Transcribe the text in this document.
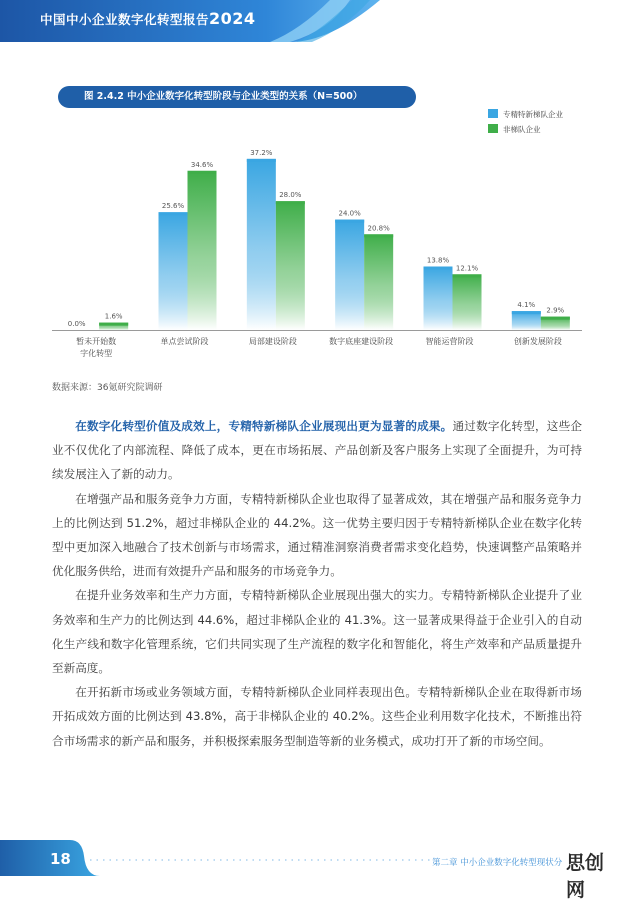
中国中小企业数字化转型报告2024
图 2.4.2 中小企业数字化转型阶段与企业类型的关系（N=500）
0.0%
1.6%
暂未开始数
字化转型
25.6%
34.6%
单点尝试阶段
37.2%
28.0%
局部建设阶段
24.0%
20.8%
数字底座建设阶段
13.8%
12.1%
智能运营阶段
4.1%
2.9%
创新发展阶段
专精特新梯队企业
非梯队企业
数据来源：36氪研究院调研

在数字化转型价值及成效上，专精特新梯队企业展现出更为显著的成果。通过数字化转型，这些企业不仅优化了内部流程、降低了成本，更在市场拓展、产品创新及客户服务上实现了全面提升，为可持续发展注入了新的动力。

在增强产品和服务竞争力方面，专精特新梯队企业也取得了显著成效，其在增强产品和服务竞争力上的比例达到 51.2%，超过非梯队企业的 44.2%。这一优势主要归因于专精特新梯队企业在数字化转型中更加深入地融合了技术创新与市场需求，通过精准洞察消费者需求变化趋势，快速调整产品策略并优化服务供给，进而有效提升产品和服务的市场竞争力。

在提升业务效率和生产力方面，专精特新梯队企业展现出强大的实力。专精特新梯队企业提升了业务效率和生产力的比例达到 44.6%，超过非梯队企业的 41.3%。这一显著成果得益于企业引入的自动化生产线和数字化管理系统，它们共同实现了生产流程的数字化和智能化，将生产效率和产品质量提升至新高度。

在开拓新市场或业务领域方面，专精特新梯队企业同样表现出色。专精特新梯队企业在取得新市场开拓成效方面的比例达到 43.8%，高于非梯队企业的 40.2%。这些企业利用数字化技术，不断推出符合市场需求的新产品和服务，并积极探索服务型制造等新的业务模式，成功打开了新的市场空间。

18	第二章 中小企业数字化转型现状分 思创网
